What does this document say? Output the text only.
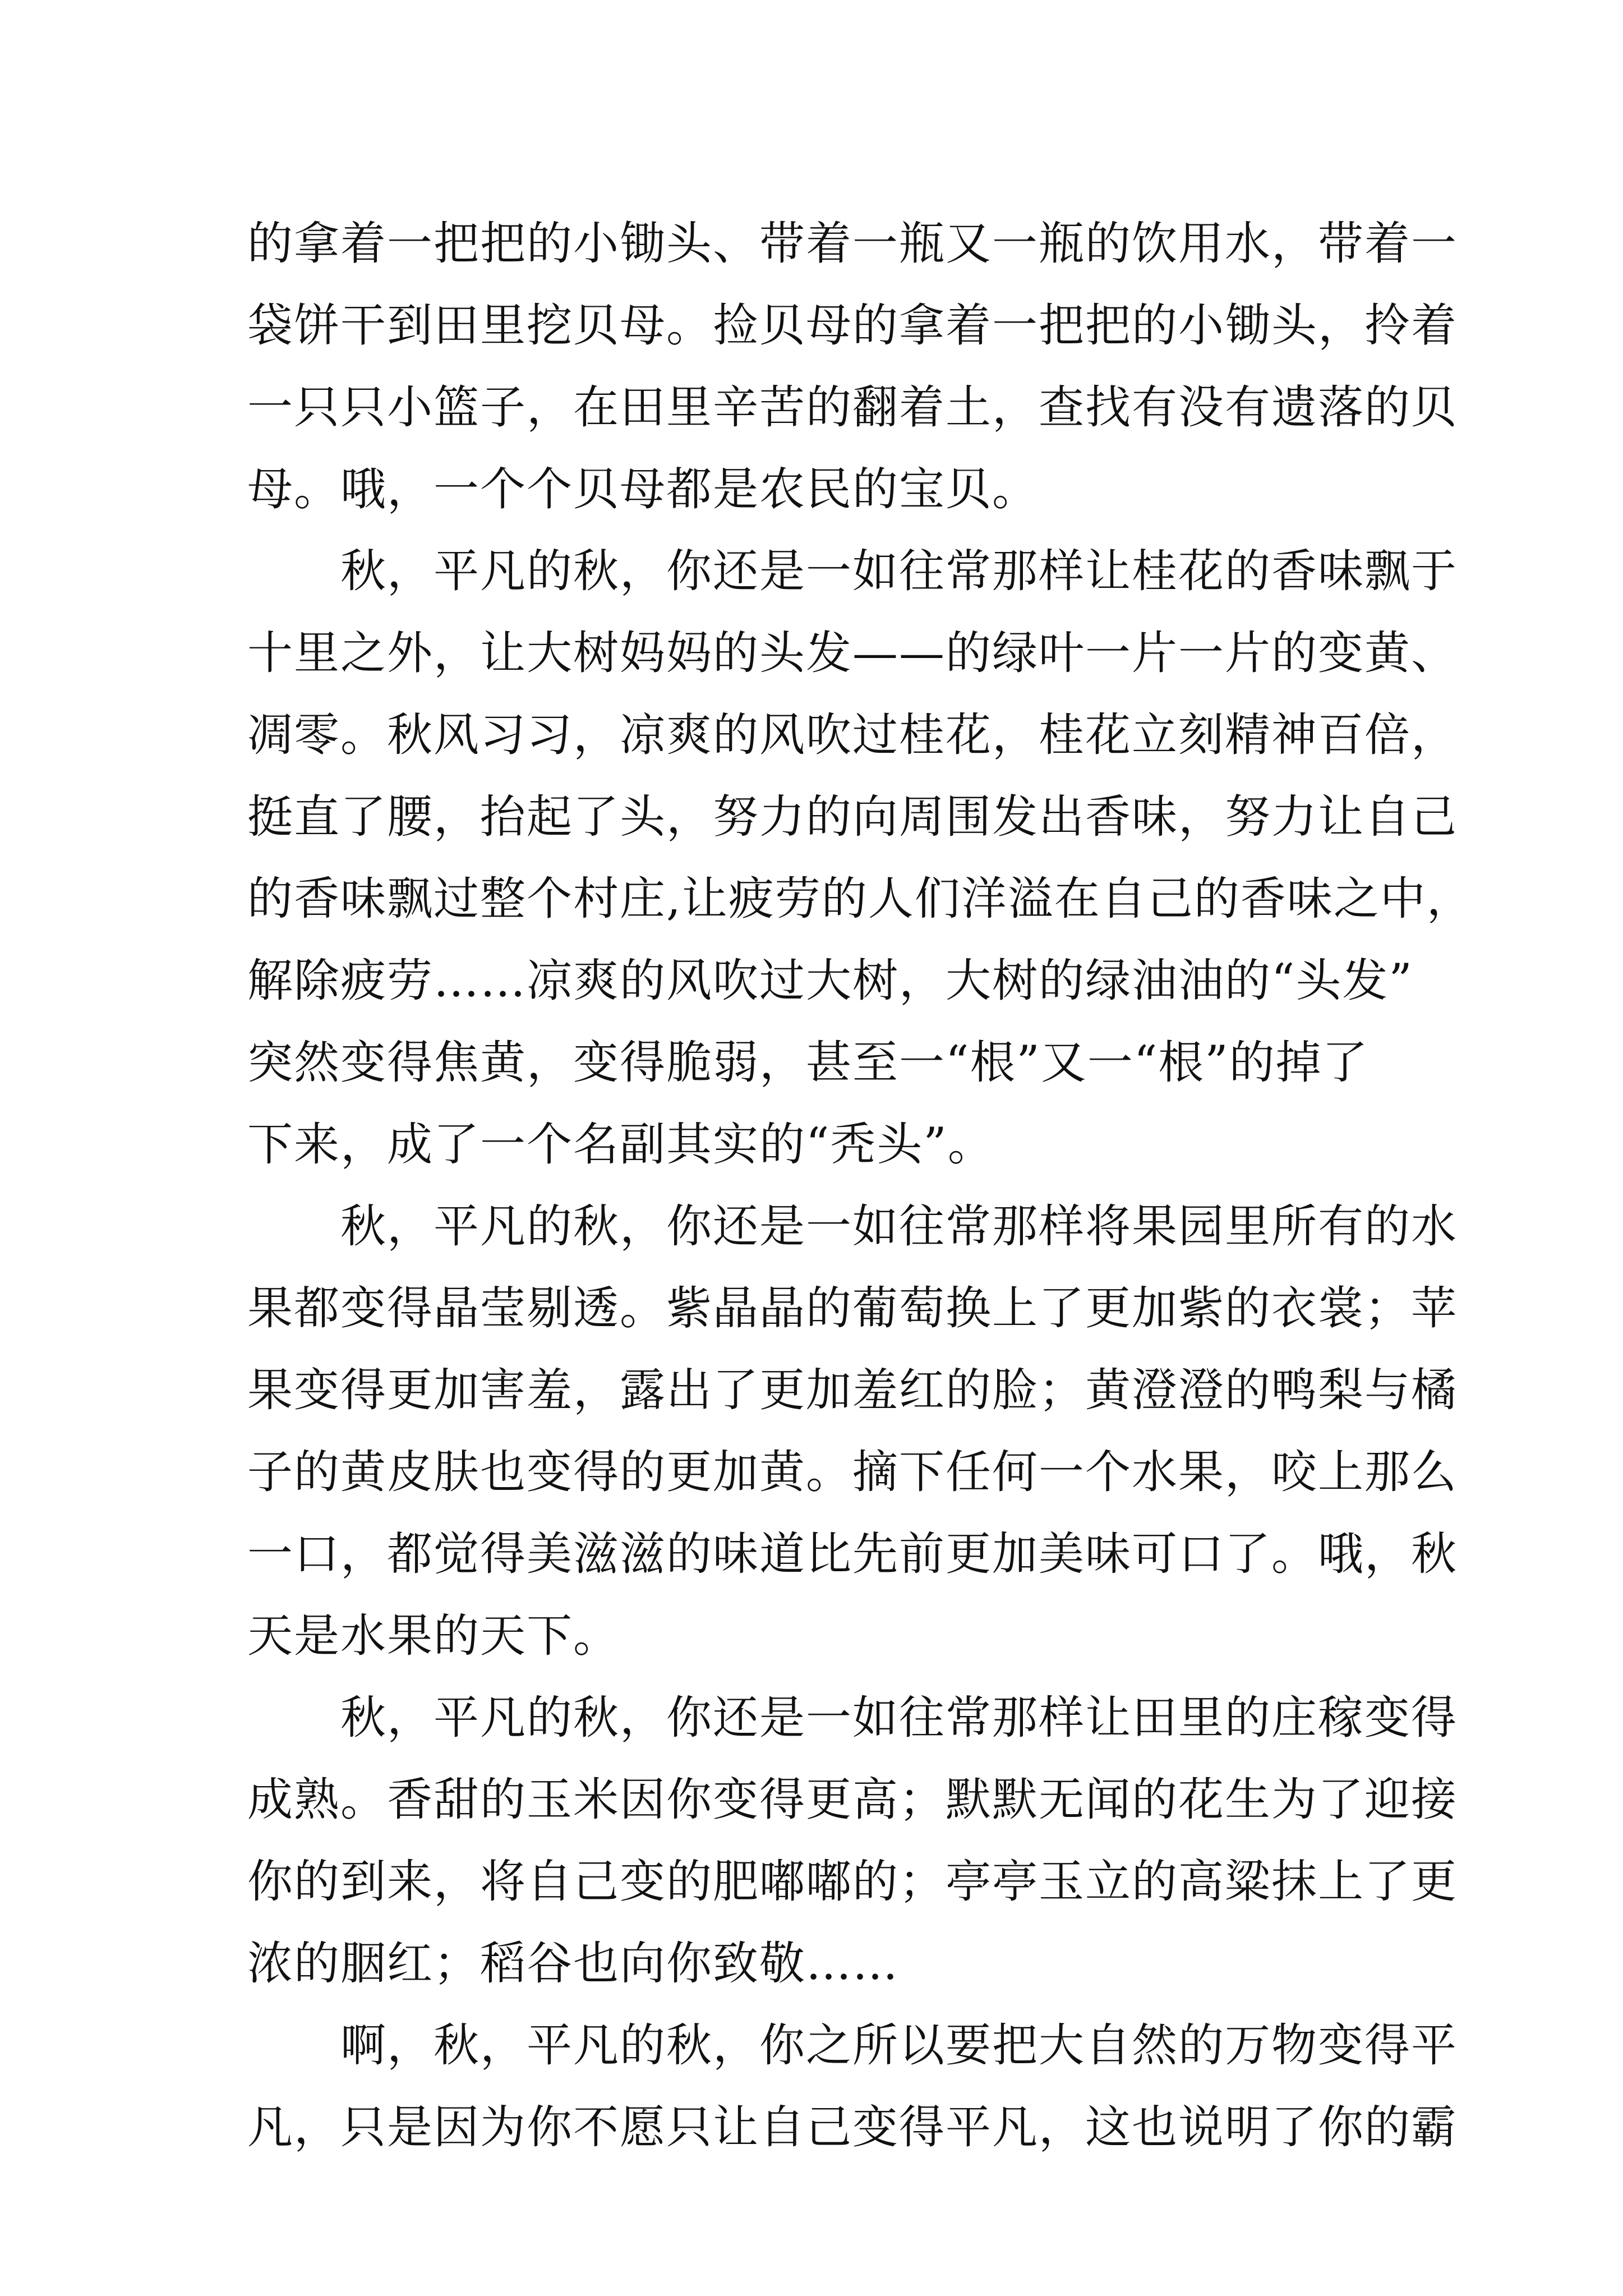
的拿着一把把的小锄头、带着一瓶又一瓶的饮用水，带着一
袋饼干到田里挖贝母。捡贝母的拿着一把把的小锄头，拎着
一只只小篮子，在田里辛苦的翻着土，查找有没有遗落的贝
母。哦，一个个贝母都是农民的宝贝。
　　秋，平凡的秋，你还是一如往常那样让桂花的香味飘于
十里之外，让大树妈妈的头发——的绿叶一片一片的变黄、
凋零。秋风习习，凉爽的风吹过桂花，桂花立刻精神百倍，
挺直了腰，抬起了头，努力的向周围发出香味，努力让自己
的香味飘过整个村庄,让疲劳的人们洋溢在自己的香味之中，
解除疲劳……凉爽的风吹过大树，大树的绿油油的“头发”
突然变得焦黄，变得脆弱，甚至一“根”又一“根”的掉了
下来，成了一个名副其实的“秃头”。
　　秋，平凡的秋，你还是一如往常那样将果园里所有的水
果都变得晶莹剔透。紫晶晶的葡萄换上了更加紫的衣裳；苹
果变得更加害羞，露出了更加羞红的脸；黄澄澄的鸭梨与橘
子的黄皮肤也变得的更加黄。摘下任何一个水果，咬上那么
一口，都觉得美滋滋的味道比先前更加美味可口了。哦，秋
天是水果的天下。
　　秋，平凡的秋，你还是一如往常那样让田里的庄稼变得
成熟。香甜的玉米因你变得更高；默默无闻的花生为了迎接
你的到来，将自己变的肥嘟嘟的；亭亭玉立的高粱抹上了更
浓的胭红；稻谷也向你致敬……
　　啊，秋，平凡的秋，你之所以要把大自然的万物变得平
凡，只是因为你不愿只让自己变得平凡，这也说明了你的霸
